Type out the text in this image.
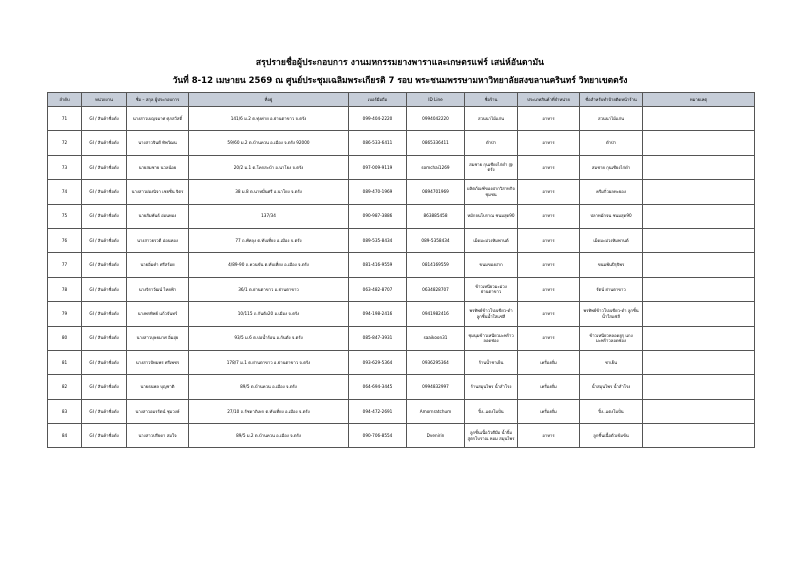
สรุปรายชื่อผู้ประกอบการ งานมหกรรมยางพาราและเกษตรแฟร์ เสน่ห์อันดามัน
วันที่ 8-12 เมษายน 2569 ณ ศูนย์ประชุมเฉลิมพระเกียรติ 7 รอบ พระชนมพรรษามหาวิทยาลัยสงขลานครินทร์ วิทยาเขตตรัง
ลำดับ	หน่วยงาน	ชื่อ – สกุล ผู้ประกอบการ	ที่อยู่	เบอร์มือถือ	ID Line	ชื่อร้าน	ประเภทสินค้าที่จำหน่าย	ชื่อสำหรับทำป้ายติดหน้าร้าน	หมายเหตุ
71	GI / สินค้าชื่อดัง	นางสาวเบญจมาศ ศุภสวัสดิ์	141/6 ม.2 ต.ทุ่งค่าย อ.ย่านตาขาว จ.ตรัง	099-404-2220	0994042220	สวนนาไม้แก่น	อาหาร	สวนนาไม้แก่น	
72	GI / สินค้าชื่อดัง	นางสาวจินดี ทิพวัฒน	59/60 ม.2 ต.บ้านควน อ.เมือง จ.ตรัง 92000	086-533-6411	0865336411	ตำป่า	อาหาร	ตำป่า	
73	GI / สินค้าชื่อดัง	นายสมชาย นวลน้อย	20/2 ม.1 ต.โคกสะบ้า อ.นาโยง จ.ตรัง	097-009-9119	somchai1269	สมชาย กุนเชียงไก่ดำ @ ตรัง	อาหาร	สมชาย กุนเชียงไก่ดำ	
74	GI / สินค้าชื่อดัง	นางสาวผ่องนิจา เชยชื่น จิตร	38 ม.8 ต.นาหมื่นศรี อ.นาโยง จ.ตรัง	089-470-1969	0894701969	ผลิตภัณฑ์ของฝากวิสาหกิจชุมชน	อาหาร	ครีมกิ่วผลทะยอง	
75	GI / สินค้าชื่อดัง	นายสัมพันธ์ อ่อนทอง	137/34	090-987-3886	863885458	หมักจนโบราณ ชนมสุด90	อาหาร	ปลาหมักจน ชนมสุด90	
76	GI / สินค้าชื่อดัง	นางสาวยรวดี อ่อนทอง	77 ถ.พัทลุง ต.ทับเที่ยง อ.เมือง จ.ตรัง	089-535-8434	089-5358434	เม็ดมะม่วงหิมพานต์	อาหาร	เม็ดมะม่วงหิมพานต์	
77	GI / สินค้าชื่อดัง	นายอิ่มคำ ศรีสร้อย	4/89-90 ถ.ควนขัน ต.ทับเที่ยง อ.เมือง จ.ตรัง	081-416-9559	0814169559	ขนมของฝาก	อาหาร	ขนมพันปีรุจิพร	
78	GI / สินค้าชื่อดัง	นางจิราวัฒน์ ไทยฟ้า	36/1 ต.ย่านตาขาว อ.ย่านตาขาว	063-482-8707	0634828707	ข้าวเหนียวมะม่วงย่านตาขาว	อาหาร	รัตน์ ย่านตาขาว	
79	GI / สินค้าชื่อดัง	นางพรทิพย์ แก้วจันทร์	10/115 ถ.กันตัง20 อ.เมือง จ.ตรัง	094-198-2416	0941982416	พรทิพย์ข้าวโปงเขียว-ดำ ลูกชิ้นน้ำใสแซ่ลี	อาหาร	พรทิพย์ข้าวโปงเขียว-ดำ ลูกชิ้นน้ำใสแซ่ลี	
80	GI / สินค้าชื่อดัง	นางสาวบุษยมาศ อิ่มอุ่ย	93/5 ม.6 ต.บ่อน้ำร้อน อ.กันตัง จ.ตรัง	085-847-3931	saaikoon31	ชุมนุมข้าวเหนียวมะพร้าวลอดช่อง	อาหาร	ข้าวเหนียวหลอดยูรุ แกง มะพร้าวลอดช่อง	
81	GI / สินค้าชื่อดัง	นางสาวปัทมพร ศรีเพชร	178/7 ม.1 ต.ย่านตาขาว อ.ย่านตาขาว จ.ตรัง	093-629-5364	0936295364	ร้านน้ำชาเย็น	เครื่องดื่ม	ชาเย็น	
82	GI / สินค้าชื่อดัง	นายธนพล บุญชาติ	89/5 ต.บ้านควน อ.เมือง จ.ตรัง	064-694-3445	0994832997	ร้านสมุนไพร น้ำสำโรง	เครื่องดื่ม	น้ำสมุนไพร น้ำสำโรง	
83	GI / สินค้าชื่อดัง	นางสาวอมรรัตน์ ชุมวงษ์	27/10 ถ.รัชดาภิเษก ต.ทับเที่ยง อ.เมือง จ.ตรัง	094-472-2691	Amornratchum	ปิ้ง..แตงโมปั่น	เครื่องดื่ม	ปิ้ง..แตงโมปั่น	
84	GI / สินค้าชื่อดัง	นางสาวปรียดา สมใจ	89/5 ม.2 ต.บ้านควน อ.เมือง จ.ตรัง	090-706-8554	Dvenirin	ลูกชิ้นเนื้อวัวตีมือ น้ำจิ้มสูตรโบราณ หอม สมุนไพร	อาหาร	ลูกชิ้นเนื้อตัวเข้มข้น	
